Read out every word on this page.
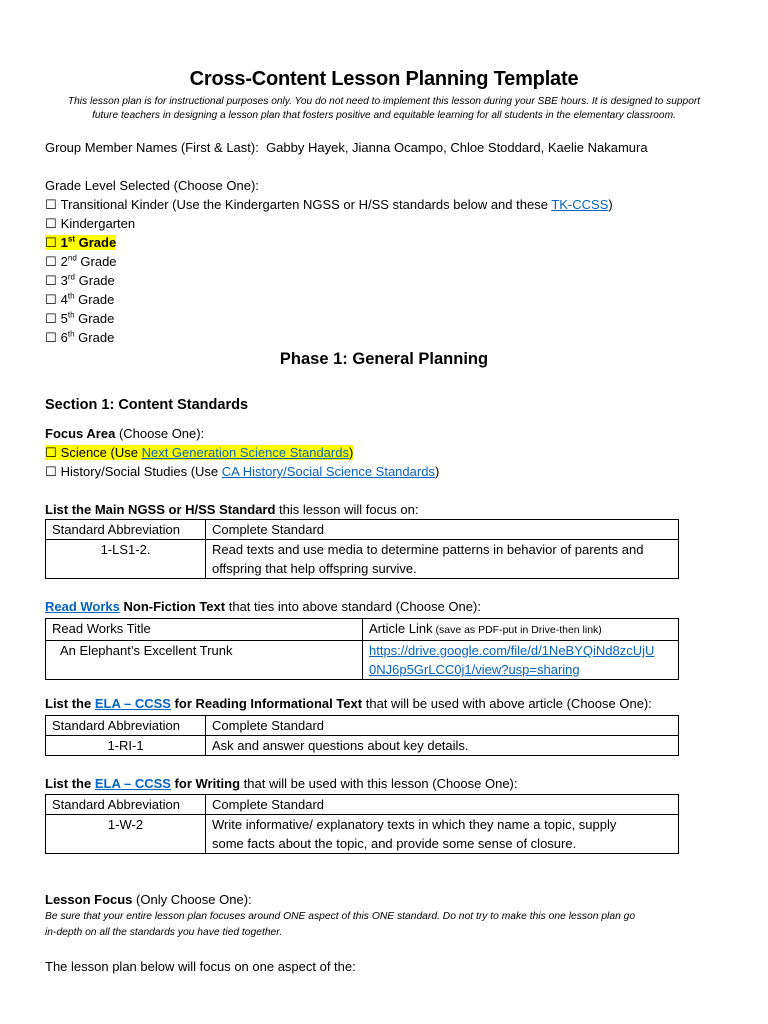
Cross-Content Lesson Planning Template
This lesson plan is for instructional purposes only. You do not need to implement this lesson during your SBE hours. It is designed to support
future teachers in designing a lesson plan that fosters positive and equitable learning for all students in the elementary classroom.
Group Member Names (First & Last): Gabby Hayek, Jianna Ocampo, Chloe Stoddard, Kaelie Nakamura
Grade Level Selected (Choose One):
☐ Transitional Kinder (Use the Kindergarten NGSS or H/SS standards below and these TK-CCSS)
☐ Kindergarten
☐ 1st Grade
☐ 2nd Grade
☐ 3rd Grade
☐ 4th Grade
☐ 5th Grade
☐ 6th Grade
Phase 1: General Planning
Section 1: Content Standards
Focus Area (Choose One):
☐ Science (Use Next Generation Science Standards)
☐ History/Social Studies (Use CA History/Social Science Standards)
List the Main NGSS or H/SS Standard this lesson will focus on:
Standard Abbreviation	Complete Standard
1-LS1-2.	Read texts and use media to determine patterns in behavior of parents and
offspring that help offspring survive.
Read Works Non-Fiction Text that ties into above standard (Choose One):
Read Works Title	Article Link (save as PDF-put in Drive-then link)
An Elephant’s Excellent Trunk	https://drive.google.com/file/d/1NeBYQiNd8zcUjU
0NJ6p5GrLCC0j1/view?usp=sharing
List the ELA – CCSS for Reading Informational Text that will be used with above article (Choose One):
Standard Abbreviation	Complete Standard
1-RI-1	Ask and answer questions about key details.
List the ELA – CCSS for Writing that will be used with this lesson (Choose One):
Standard Abbreviation	Complete Standard
1-W-2	Write informative/ explanatory texts in which they name a topic, supply
some facts about the topic, and provide some sense of closure.
Lesson Focus (Only Choose One):
Be sure that your entire lesson plan focuses around ONE aspect of this ONE standard. Do not try to make this one lesson plan go
in-depth on all the standards you have tied together.
The lesson plan below will focus on one aspect of the:
